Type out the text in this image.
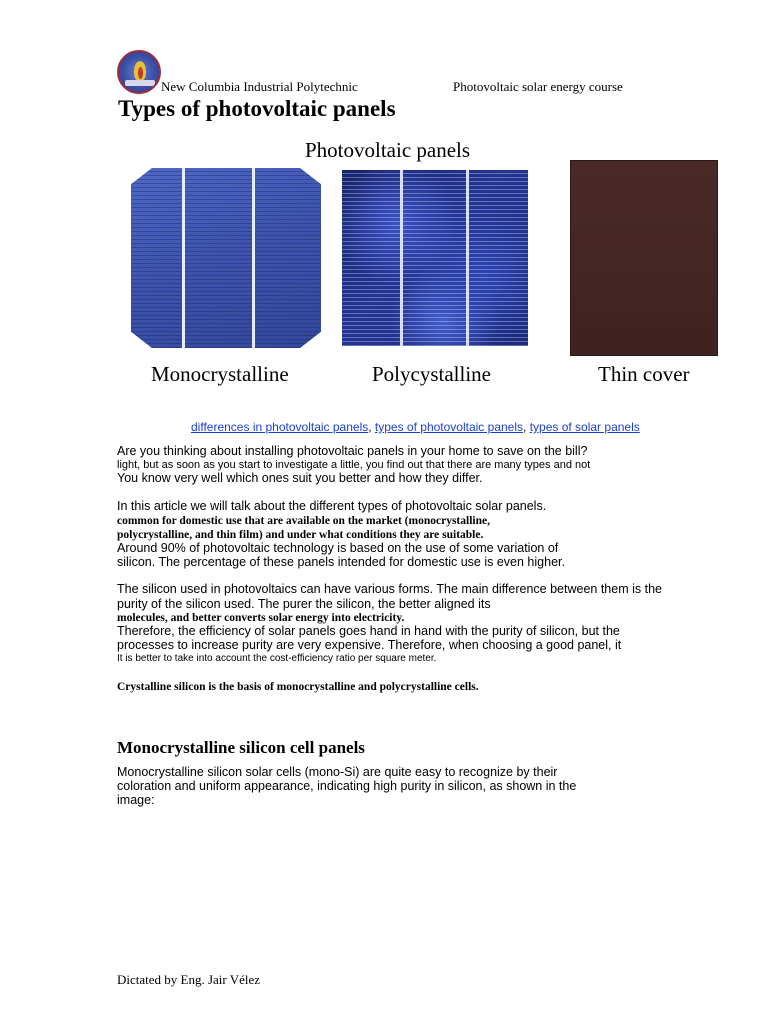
New Columbia Industrial Polytechnic	Photovoltaic solar energy course
Types of photovoltaic panels
Photovoltaic panels
Monocrystalline	Polycystalline	Thin cover
differences in photovoltaic panels, types of photovoltaic panels, types of solar panels
Are you thinking about installing photovoltaic panels in your home to save on the bill?
light, but as soon as you start to investigate a little, you find out that there are many types and not
You know very well which ones suit you better and how they differ.
In this article we will talk about the different types of photovoltaic solar panels.
common for domestic use that are available on the market (monocrystalline,
polycrystalline, and thin film) and under what conditions they are suitable.
Around 90% of photovoltaic technology is based on the use of some variation of
silicon. The percentage of these panels intended for domestic use is even higher.
The silicon used in photovoltaics can have various forms. The main difference between them is the
purity of the silicon used. The purer the silicon, the better aligned its
molecules, and better converts solar energy into electricity.
Therefore, the efficiency of solar panels goes hand in hand with the purity of silicon, but the
processes to increase purity are very expensive. Therefore, when choosing a good panel, it
It is better to take into account the cost-efficiency ratio per square meter.
Crystalline silicon is the basis of monocrystalline and polycrystalline cells.
Monocrystalline silicon cell panels
Monocrystalline silicon solar cells (mono-Si) are quite easy to recognize by their
coloration and uniform appearance, indicating high purity in silicon, as shown in the
image:
Dictated by Eng. Jair Vélez
